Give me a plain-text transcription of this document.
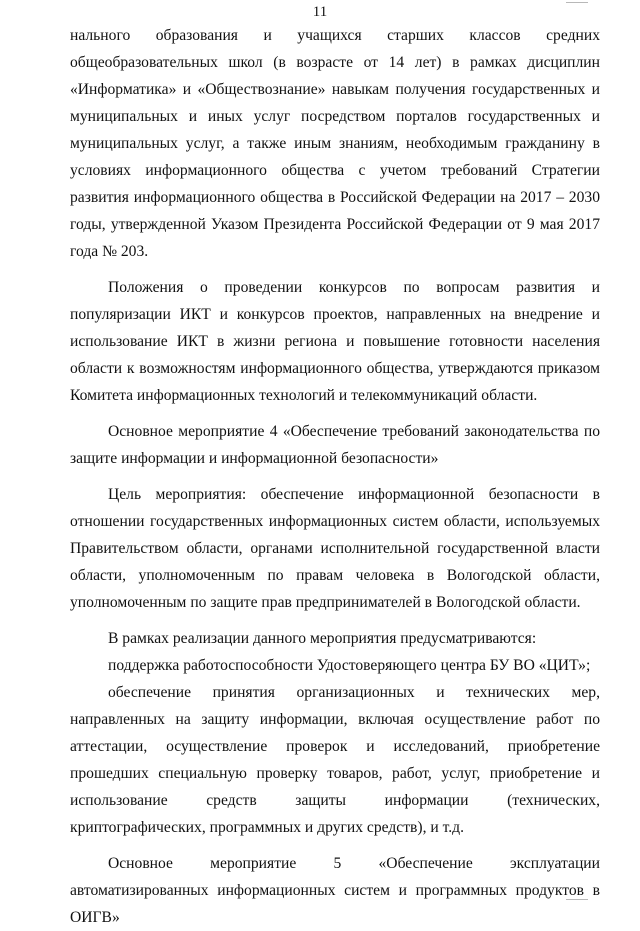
11

нального образования и учащихся старших классов средних общеобразовательных школ (в возрасте от 14 лет) в рамках дисциплин «Информатика» и «Обществознание» навыкам получения государственных и муниципальных и иных услуг посредством порталов государственных и муниципальных услуг, а также иным знаниям, необходимым гражданину в условиях информационного общества с учетом требований Стратегии развития информационного общества в Российской Федерации на 2017 – 2030 годы, утвержденной Указом Президента Российской Федерации от 9 мая 2017 года № 203.

Положения о проведении конкурсов по вопросам развития и популяризации ИКТ и конкурсов проектов, направленных на внедрение и использование ИКТ в жизни региона и повышение готовности населения области к возможностям информационного общества, утверждаются приказом Комитета информационных технологий и телекоммуникаций области.

Основное мероприятие 4 «Обеспечение требований законодательства по защите информации и информационной безопасности»

Цель мероприятия: обеспечение информационной безопасности в отношении государственных информационных систем области, используемых Правительством области, органами исполнительной государственной власти области, уполномоченным по правам человека в Вологодской области, уполномоченным по защите прав предпринимателей в Вологодской области.

В рамках реализации данного мероприятия предусматриваются:

поддержка работоспособности Удостоверяющего центра БУ ВО «ЦИТ»;

обеспечение принятия организационных и технических мер, направленных на защиту информации, включая осуществление работ по аттестации, осуществление проверок и исследований, приобретение прошедших специальную проверку товаров, работ, услуг, приобретение и использование средств защиты информации (технических, криптографических, программных и других средств), и т.д.

Основное мероприятие 5 «Обеспечение эксплуатации автоматизированных информационных систем и программных продуктов в ОИГВ»
